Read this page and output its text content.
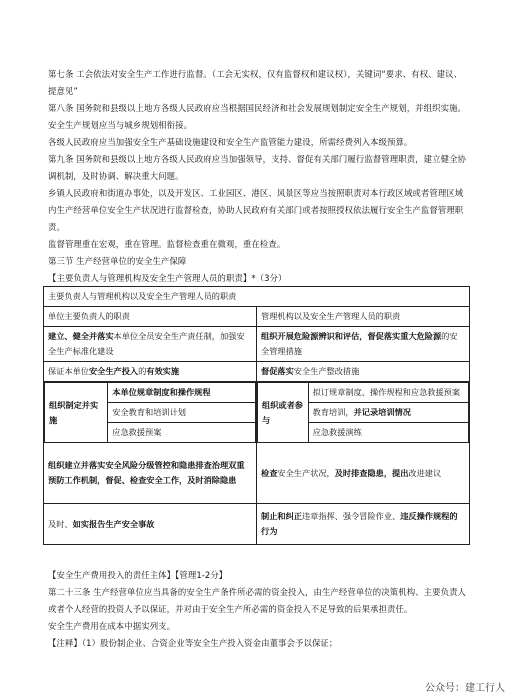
第七条 工会依法对安全生产工作进行监督。（工会无实权，仅有监督权和建议权），关键词“要求、有权、建议、提意见”

第八条 国务院和县级以上地方各级人民政府应当根据国民经济和社会发展规划制定安全生产规划，并组织实施。安全生产规划应当与城乡规划相衔接。

各级人民政府应当加强安全生产基础设施建设和安全生产监管能力建设，所需经费列入本级预算。

第九条 国务院和县级以上地方各级人民政府应当加强领导，支持、督促有关部门履行监督管理职责，建立健全协调机制，及时协调、解决重大问题。

乡镇人民政府和街道办事处，以及开发区、工业园区、港区、风景区等应当按照职责对本行政区域或者管理区域内生产经营单位安全生产状况进行监督检查，协助人民政府有关部门或者按照授权依法履行安全生产监督管理职责。

监督管理重在宏观，重在管理。监督检查重在微观，重在检查。

第三节 生产经营单位的安全生产保障

【主要负责人与管理机构及安全生产管理人员的职责】*（3分）

主要负责人与管理机构以及安全生产管理人员的职责
单位主要负责人的职责	管理机构以及安全生产管理人员的职责
建立、健全并落实本单位全员安全生产责任制，加强安全生产标准化建设	组织开展危险源辨识和评估，督促落实重大危险源的安全管理措施
保证本单位安全生产投入的有效实施	督促落实安全生产整改措施

组织制定并实施	本单位规章制度和操作规程
安全教育和培训计划
应急救援预案

组织或者参与	拟订规章制度、操作规程和应急救援预案
教育培训，并记录培训情况
应急救援演练

组织建立并落实安全风险分级管控和隐患排查治理双重预防工作机制，督促、检查安全工作，及时消除隐患	检查安全生产状况，及时排查隐患，提出改进建议
及时、如实报告生产安全事故	制止和纠正违章指挥、强令冒险作业、违反操作规程的行为

【安全生产费用投入的责任主体】【管理1-2分】

第二十三条 生产经营单位应当具备的安全生产条件所必需的资金投入，由生产经营单位的决策机构、主要负责人或者个人经营的投资人予以保证，并对由于安全生产所必需的资金投入不足导致的后果承担责任。

安全生产费用在成本中据实列支。

【注释】（1）股份制企业、合资企业等安全生产投入资金由董事会予以保证；

公众号：建工行人
